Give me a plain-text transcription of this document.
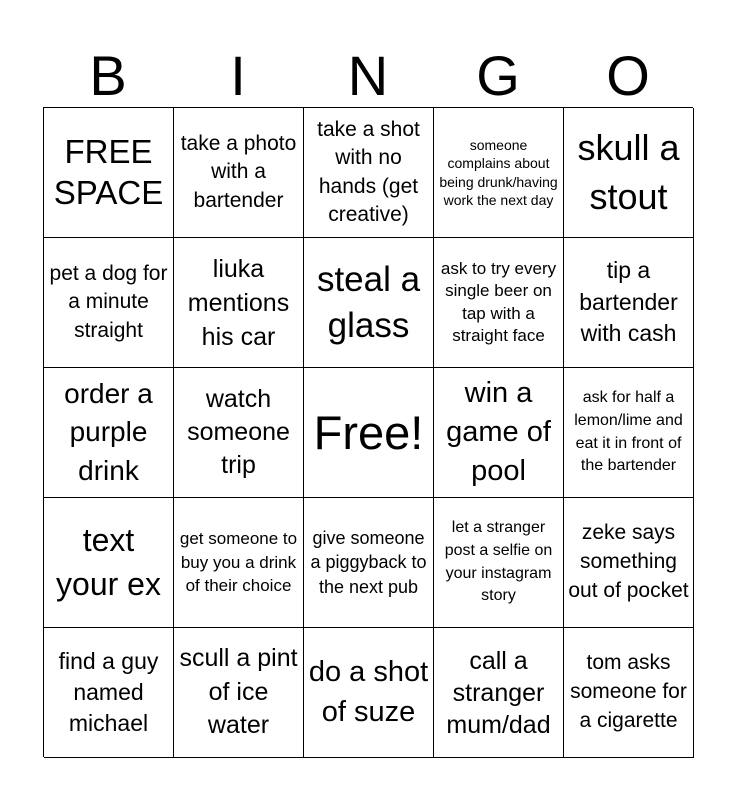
B	I	N	G	O
FREE SPACE
take a photo with a bartender
take a shot with no hands (get creative)
someone complains about being drunk/having work the next day
skull a stout
pet a dog for a minute straight
liuka mentions his car
steal a glass
ask to try every single beer on tap with a straight face
tip a bartender with cash
order a purple drink
watch someone trip
Free!
win a game of pool
ask for half a lemon/lime and eat it in front of the bartender
text your ex
get someone to buy you a drink of their choice
give someone a piggyback to the next pub
let a stranger post a selfie on your instagram story
zeke says something out of pocket
find a guy named michael
scull a pint of ice water
do a shot of suze
call a stranger mum/dad
tom asks someone for a cigarette
